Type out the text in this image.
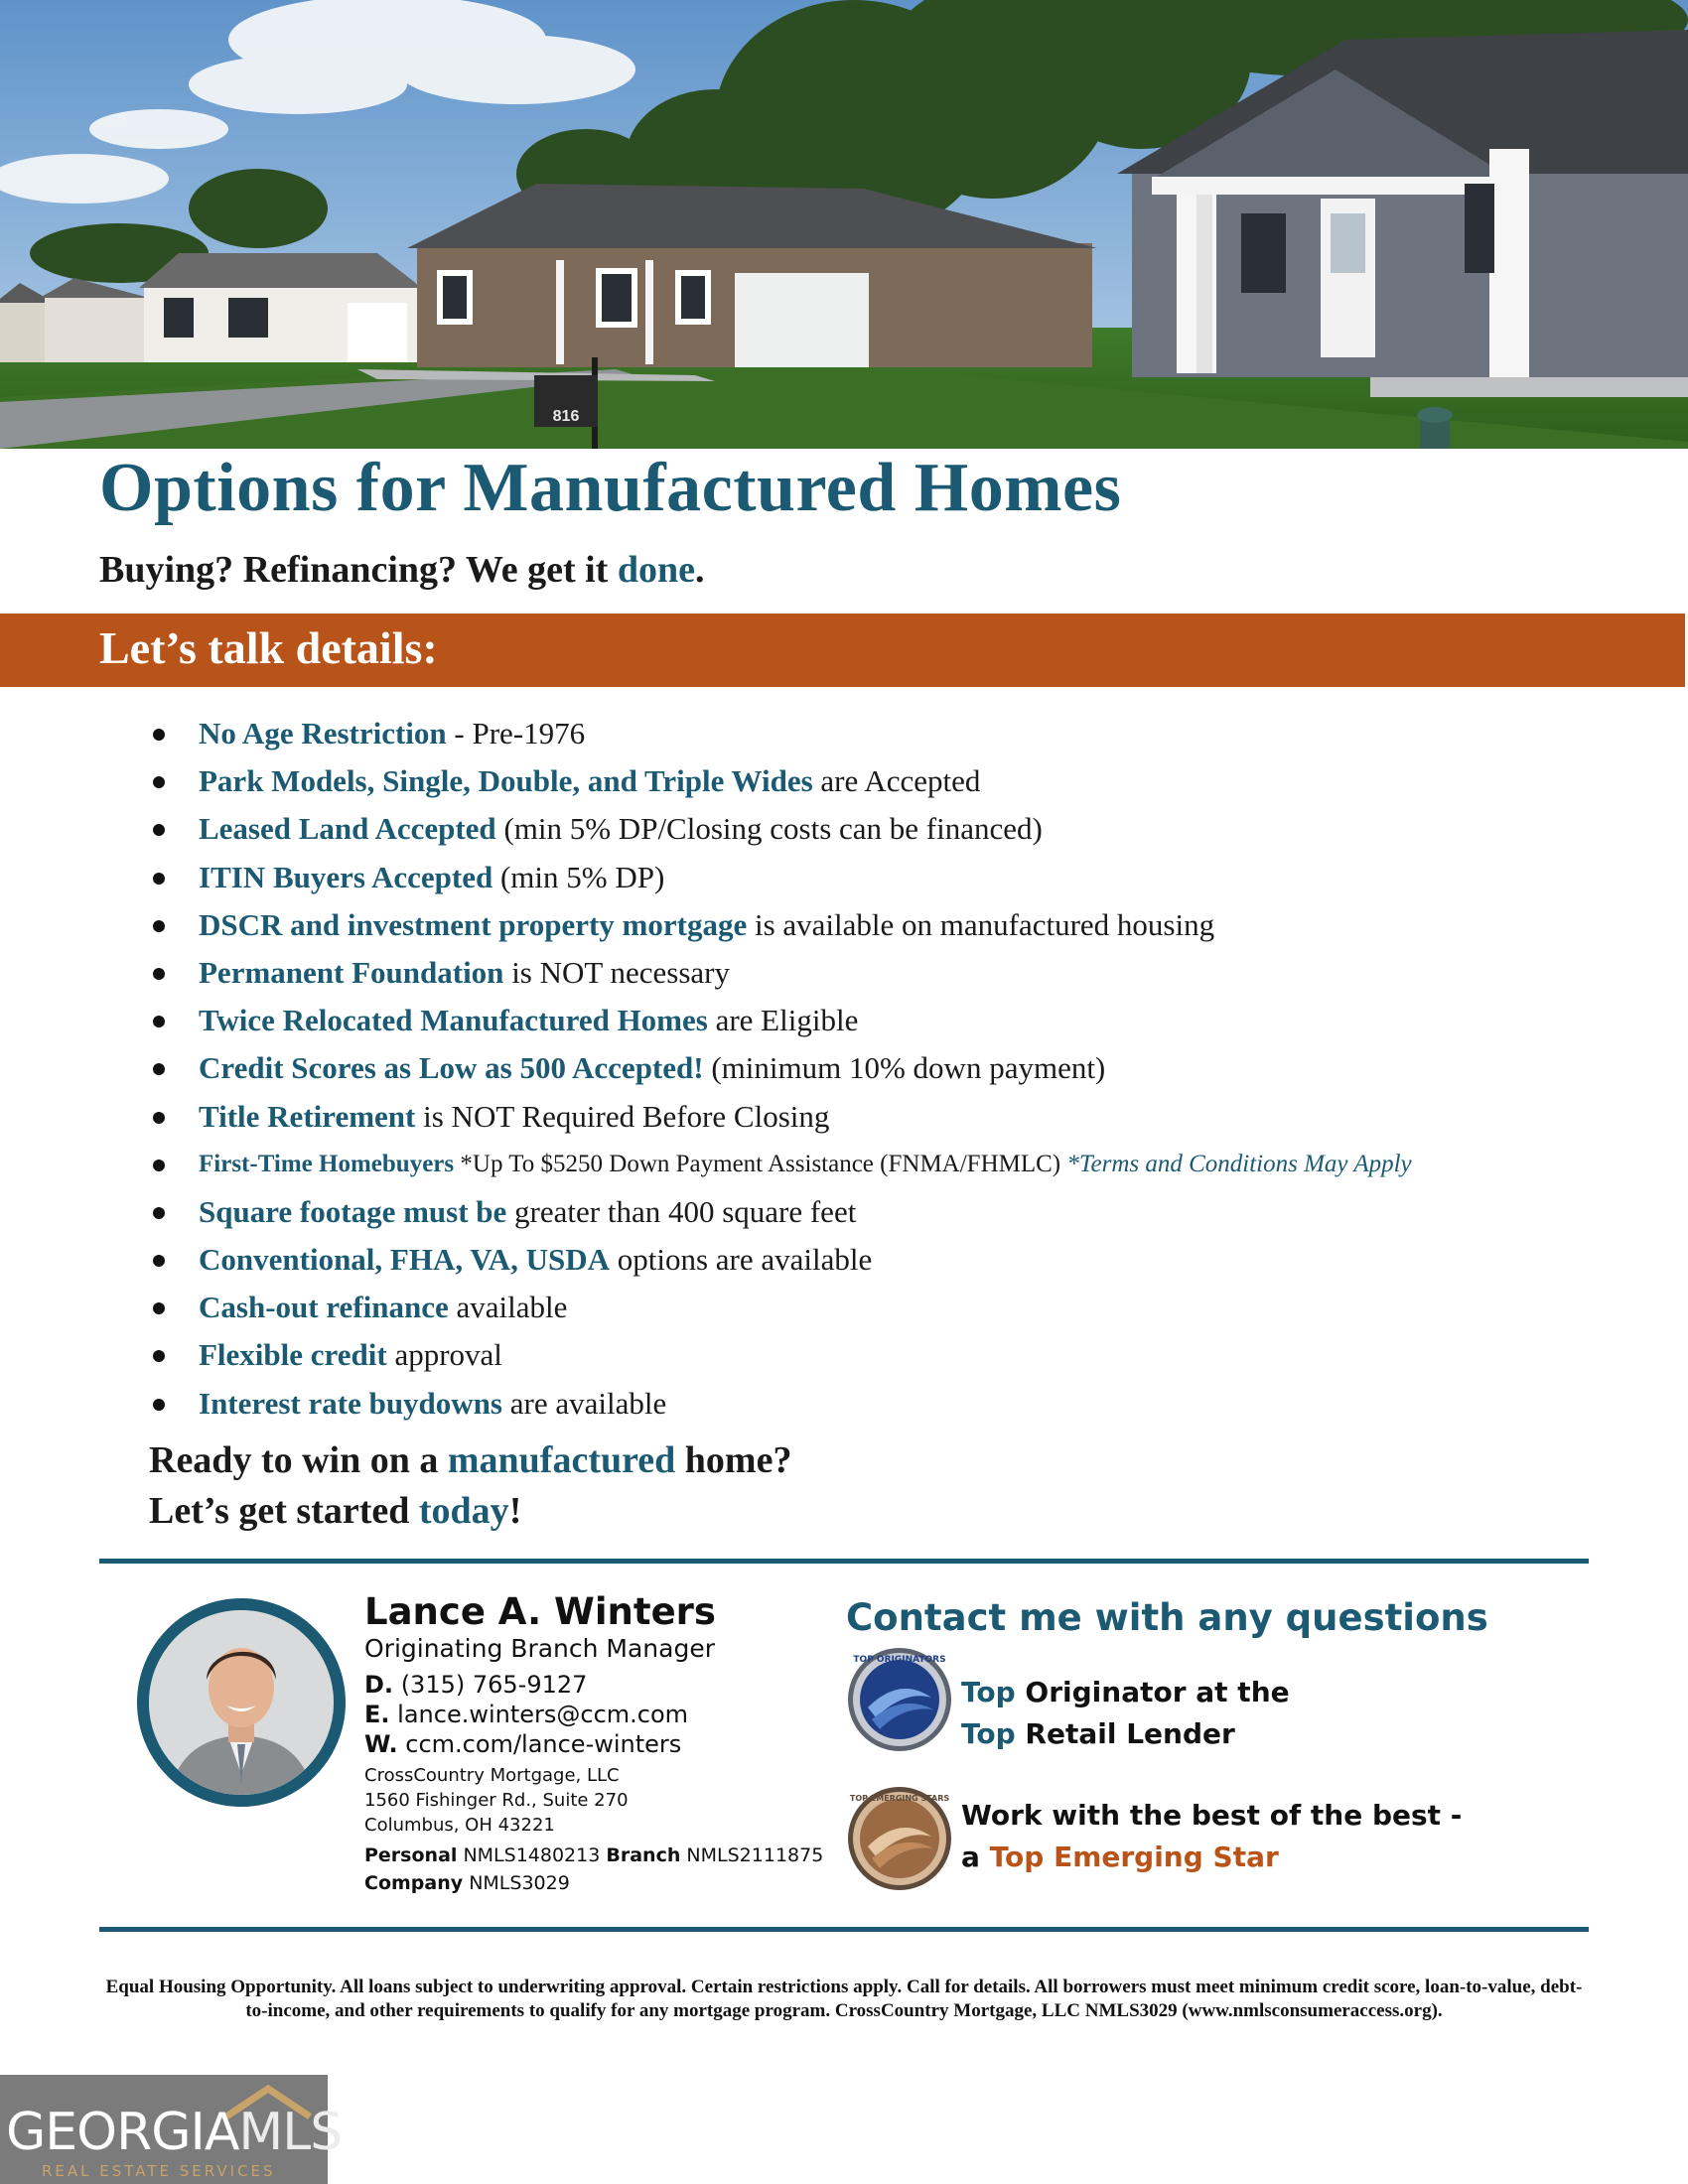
816
Options for Manufactured Homes
Buying? Refinancing? We get it done.
Let’s talk details:
No Age Restriction - Pre-1976
Park Models, Single, Double, and Triple Wides are Accepted
Leased Land Accepted (min 5% DP/Closing costs can be financed)
ITIN Buyers Accepted (min 5% DP)
DSCR and investment property mortgage is available on manufactured housing
Permanent Foundation is NOT necessary
Twice Relocated Manufactured Homes are Eligible
Credit Scores as Low as 500 Accepted! (minimum 10% down payment)
Title Retirement is NOT Required Before Closing
First-Time Homebuyers *Up To $5250 Down Payment Assistance (FNMA/FHMLC) *Terms and Conditions May Apply
Square footage must be greater than 400 square feet
Conventional, FHA, VA, USDA options are available
Cash-out refinance available
Flexible credit approval
Interest rate buydowns are available
Ready to win on a manufactured home?
Let’s get started today!
Lance A. Winters
Originating Branch Manager
D. (315) 765-9127
E. lance.winters@ccm.com
W. ccm.com/lance-winters
CrossCountry Mortgage, LLC
1560 Fishinger Rd., Suite 270
Columbus, OH 43221
Personal NMLS1480213 Branch NMLS2111875
Company NMLS3029
Contact me with any questions
TOP ORIGINATORS
Top Originator at the
Top Retail Lender
TOP EMERGING STARS
Work with the best of the best -
a Top Emerging Star
Equal Housing Opportunity. All loans subject to underwriting approval. Certain restrictions apply. Call for details. All borrowers must meet minimum credit score, loan-to-value, debt-to-income, and other requirements to qualify for any mortgage program. CrossCountry Mortgage, LLC NMLS3029 (www.nmlsconsumeraccess.org).
GEORGIAMLS
REAL ESTATE SERVICES
